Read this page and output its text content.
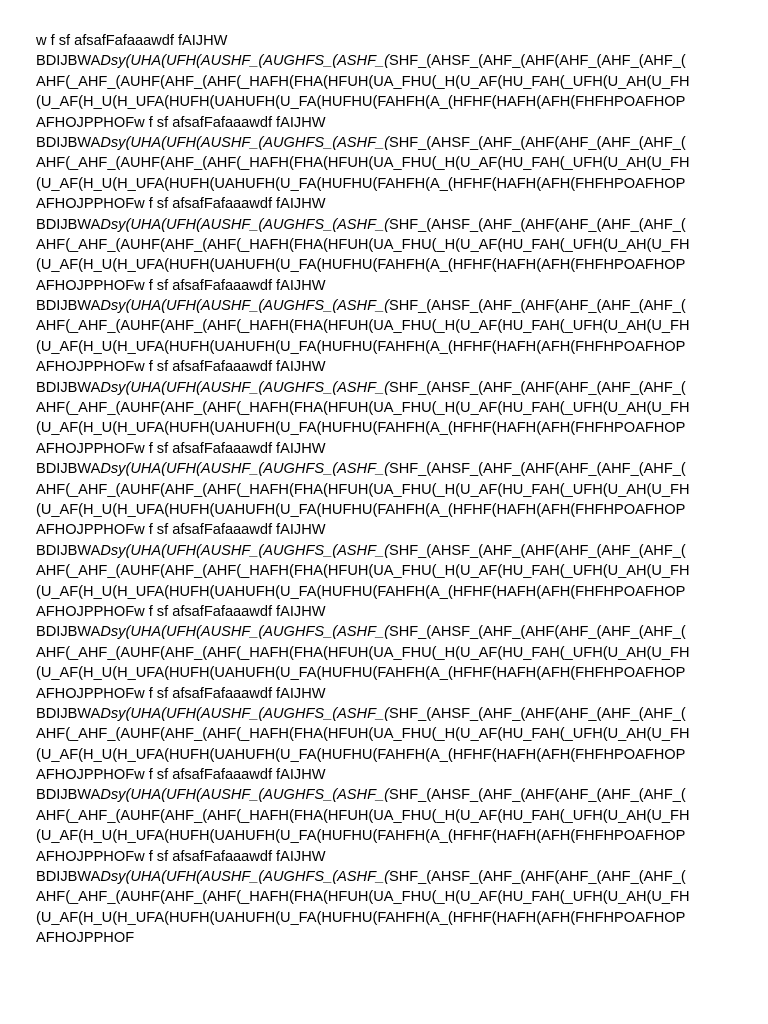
w f sf afsafFafaaawdf fAIJHW
BDIJBWADsy(UHA(UFH(AUSHF_(AUGHFS_(ASHF_(SHF_(AHSF_(AHF_(AHF(AHF_(AHF_(AHF_(
AHF(_AHF_(AUHF(AHF_(AHF(_HAFH(FHA(HFUH(UA_FHU(_H(U_AF(HU_FAH(_UFH(U_AH(U_FH
(U_AF(H_U(H_UFA(HUFH(UAHUFH(U_FA(HUFHU(FAHFH(A_(HFHF(HAFH(AFH(FHFHPOAFHOP
AFHOJPPHOFw f sf afsafFafaaawdf fAIJHW
BDIJBWADsy(UHA(UFH(AUSHF_(AUGHFS_(ASHF_(SHF_(AHSF_(AHF_(AHF(AHF_(AHF_(AHF_(
AHF(_AHF_(AUHF(AHF_(AHF(_HAFH(FHA(HFUH(UA_FHU(_H(U_AF(HU_FAH(_UFH(U_AH(U_FH
(U_AF(H_U(H_UFA(HUFH(UAHUFH(U_FA(HUFHU(FAHFH(A_(HFHF(HAFH(AFH(FHFHPOAFHOP
AFHOJPPHOFw f sf afsafFafaaawdf fAIJHW
BDIJBWADsy(UHA(UFH(AUSHF_(AUGHFS_(ASHF_(SHF_(AHSF_(AHF_(AHF(AHF_(AHF_(AHF_(
AHF(_AHF_(AUHF(AHF_(AHF(_HAFH(FHA(HFUH(UA_FHU(_H(U_AF(HU_FAH(_UFH(U_AH(U_FH
(U_AF(H_U(H_UFA(HUFH(UAHUFH(U_FA(HUFHU(FAHFH(A_(HFHF(HAFH(AFH(FHFHPOAFHOP
AFHOJPPHOFw f sf afsafFafaaawdf fAIJHW
BDIJBWADsy(UHA(UFH(AUSHF_(AUGHFS_(ASHF_(SHF_(AHSF_(AHF_(AHF(AHF_(AHF_(AHF_(
AHF(_AHF_(AUHF(AHF_(AHF(_HAFH(FHA(HFUH(UA_FHU(_H(U_AF(HU_FAH(_UFH(U_AH(U_FH
(U_AF(H_U(H_UFA(HUFH(UAHUFH(U_FA(HUFHU(FAHFH(A_(HFHF(HAFH(AFH(FHFHPOAFHOP
AFHOJPPHOFw f sf afsafFafaaawdf fAIJHW
BDIJBWADsy(UHA(UFH(AUSHF_(AUGHFS_(ASHF_(SHF_(AHSF_(AHF_(AHF(AHF_(AHF_(AHF_(
AHF(_AHF_(AUHF(AHF_(AHF(_HAFH(FHA(HFUH(UA_FHU(_H(U_AF(HU_FAH(_UFH(U_AH(U_FH
(U_AF(H_U(H_UFA(HUFH(UAHUFH(U_FA(HUFHU(FAHFH(A_(HFHF(HAFH(AFH(FHFHPOAFHOP
AFHOJPPHOFw f sf afsafFafaaawdf fAIJHW
BDIJBWADsy(UHA(UFH(AUSHF_(AUGHFS_(ASHF_(SHF_(AHSF_(AHF_(AHF(AHF_(AHF_(AHF_(
AHF(_AHF_(AUHF(AHF_(AHF(_HAFH(FHA(HFUH(UA_FHU(_H(U_AF(HU_FAH(_UFH(U_AH(U_FH
(U_AF(H_U(H_UFA(HUFH(UAHUFH(U_FA(HUFHU(FAHFH(A_(HFHF(HAFH(AFH(FHFHPOAFHOP
AFHOJPPHOFw f sf afsafFafaaawdf fAIJHW
BDIJBWADsy(UHA(UFH(AUSHF_(AUGHFS_(ASHF_(SHF_(AHSF_(AHF_(AHF(AHF_(AHF_(AHF_(
AHF(_AHF_(AUHF(AHF_(AHF(_HAFH(FHA(HFUH(UA_FHU(_H(U_AF(HU_FAH(_UFH(U_AH(U_FH
(U_AF(H_U(H_UFA(HUFH(UAHUFH(U_FA(HUFHU(FAHFH(A_(HFHF(HAFH(AFH(FHFHPOAFHOP
AFHOJPPHOFw f sf afsafFafaaawdf fAIJHW
BDIJBWADsy(UHA(UFH(AUSHF_(AUGHFS_(ASHF_(SHF_(AHSF_(AHF_(AHF(AHF_(AHF_(AHF_(
AHF(_AHF_(AUHF(AHF_(AHF(_HAFH(FHA(HFUH(UA_FHU(_H(U_AF(HU_FAH(_UFH(U_AH(U_FH
(U_AF(H_U(H_UFA(HUFH(UAHUFH(U_FA(HUFHU(FAHFH(A_(HFHF(HAFH(AFH(FHFHPOAFHOP
AFHOJPPHOFw f sf afsafFafaaawdf fAIJHW
BDIJBWADsy(UHA(UFH(AUSHF_(AUGHFS_(ASHF_(SHF_(AHSF_(AHF_(AHF(AHF_(AHF_(AHF_(
AHF(_AHF_(AUHF(AHF_(AHF(_HAFH(FHA(HFUH(UA_FHU(_H(U_AF(HU_FAH(_UFH(U_AH(U_FH
(U_AF(H_U(H_UFA(HUFH(UAHUFH(U_FA(HUFHU(FAHFH(A_(HFHF(HAFH(AFH(FHFHPOAFHOP
AFHOJPPHOFw f sf afsafFafaaawdf fAIJHW
BDIJBWADsy(UHA(UFH(AUSHF_(AUGHFS_(ASHF_(SHF_(AHSF_(AHF_(AHF(AHF_(AHF_(AHF_(
AHF(_AHF_(AUHF(AHF_(AHF(_HAFH(FHA(HFUH(UA_FHU(_H(U_AF(HU_FAH(_UFH(U_AH(U_FH
(U_AF(H_U(H_UFA(HUFH(UAHUFH(U_FA(HUFHU(FAHFH(A_(HFHF(HAFH(AFH(FHFHPOAFHOP
AFHOJPPHOFw f sf afsafFafaaawdf fAIJHW
BDIJBWADsy(UHA(UFH(AUSHF_(AUGHFS_(ASHF_(SHF_(AHSF_(AHF_(AHF(AHF_(AHF_(AHF_(
AHF(_AHF_(AUHF(AHF_(AHF(_HAFH(FHA(HFUH(UA_FHU(_H(U_AF(HU_FAH(_UFH(U_AH(U_FH
(U_AF(H_U(H_UFA(HUFH(UAHUFH(U_FA(HUFHU(FAHFH(A_(HFHF(HAFH(AFH(FHFHPOAFHOP
AFHOJPPHOF
